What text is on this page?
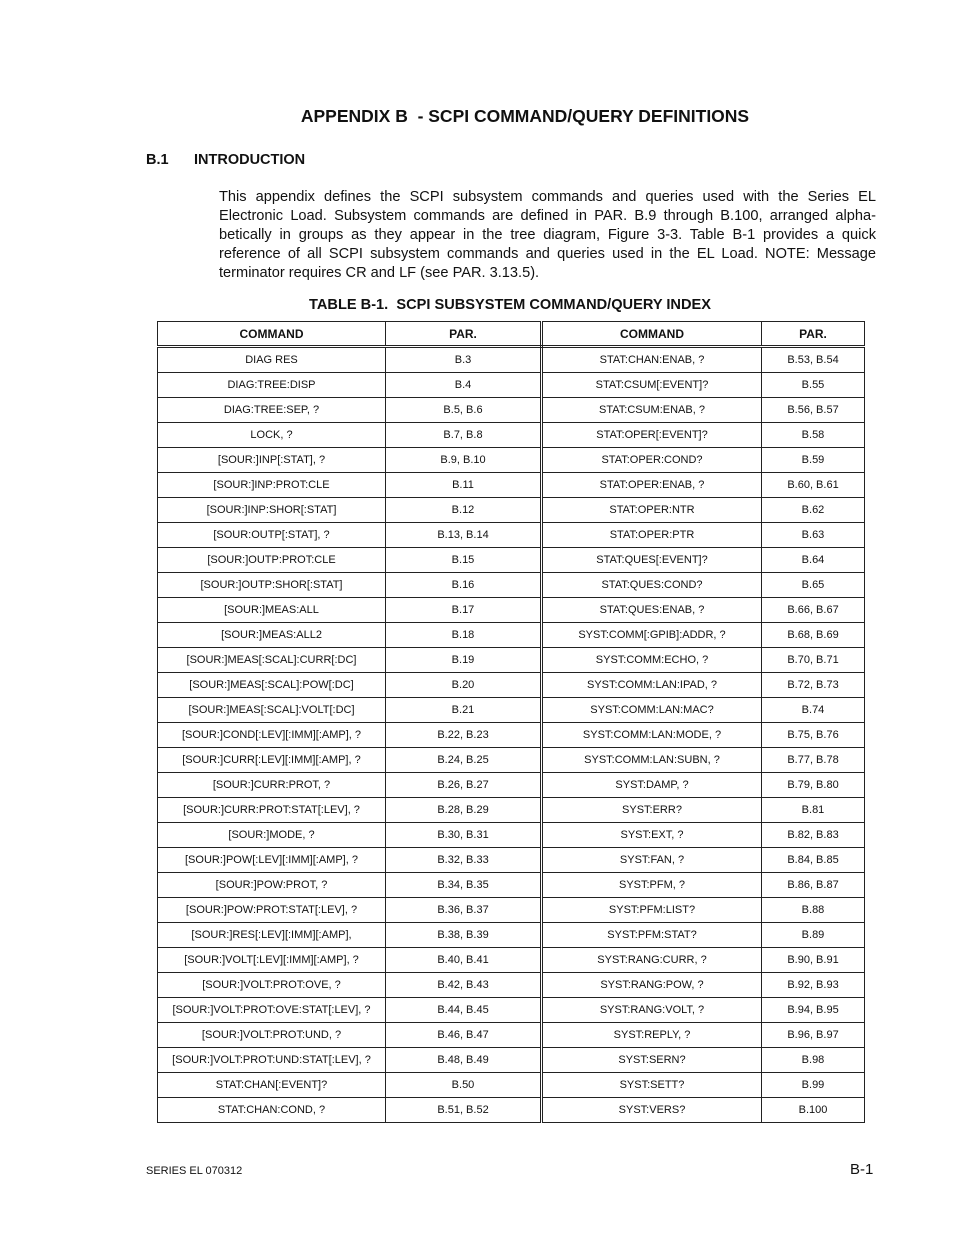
APPENDIX B  - SCPI COMMAND/QUERY DEFINITIONS
B.1 INTRODUCTION

This appendix defines the SCPI subsystem commands and queries used with the Series EL Electronic Load. Subsystem commands are defined in PAR. B.9 through B.100, arranged alphabetically in groups as they appear in the tree diagram, Figure 3-3. Table B-1 provides a quick reference of all SCPI subsystem commands and queries used in the EL Load. NOTE: Message terminator requires CR and LF (see PAR. 3.13.5).

TABLE B-1.  SCPI SUBSYSTEM COMMAND/QUERY INDEX
COMMAND	PAR.	COMMAND	PAR.
DIAG RES	B.3	STAT:CHAN:ENAB, ?	B.53, B.54
DIAG:TREE:DISP	B.4	STAT:CSUM[:EVENT]?	B.55
DIAG:TREE:SEP, ?	B.5, B.6	STAT:CSUM:ENAB, ?	B.56, B.57
LOCK, ?	B.7, B.8	STAT:OPER[:EVENT]?	B.58
[SOUR:]INP[:STAT], ?	B.9, B.10	STAT:OPER:COND?	B.59
[SOUR:]INP:PROT:CLE	B.11	STAT:OPER:ENAB, ?	B.60, B.61
[SOUR:]INP:SHOR[:STAT]	B.12	STAT:OPER:NTR	B.62
[SOUR:OUTP[:STAT], ?	B.13, B.14	STAT:OPER:PTR	B.63
[SOUR:]OUTP:PROT:CLE	B.15	STAT:QUES[:EVENT]?	B.64
[SOUR:]OUTP:SHOR[:STAT]	B.16	STAT:QUES:COND?	B.65
[SOUR:]MEAS:ALL	B.17	STAT:QUES:ENAB, ?	B.66, B.67
[SOUR:]MEAS:ALL2	B.18	SYST:COMM[:GPIB]:ADDR, ?	B.68, B.69
[SOUR:]MEAS[:SCAL]:CURR[:DC]	B.19	SYST:COMM:ECHO, ?	B.70, B.71
[SOUR:]MEAS[:SCAL]:POW[:DC]	B.20	SYST:COMM:LAN:IPAD, ?	B.72, B.73
[SOUR:]MEAS[:SCAL]:VOLT[:DC]	B.21	SYST:COMM:LAN:MAC?	B.74
[SOUR:]COND[:LEV][:IMM][:AMP], ?	B.22, B.23	SYST:COMM:LAN:MODE, ?	B.75, B.76
[SOUR:]CURR[:LEV][:IMM][:AMP], ?	B.24, B.25	SYST:COMM:LAN:SUBN, ?	B.77, B.78
[SOUR:]CURR:PROT, ?	B.26, B.27	SYST:DAMP, ?	B.79, B.80
[SOUR:]CURR:PROT:STAT[:LEV], ?	B.28, B.29	SYST:ERR?	B.81
[SOUR:]MODE, ?	B.30, B.31	SYST:EXT, ?	B.82, B.83
[SOUR:]POW[:LEV][:IMM][:AMP], ?	B.32, B.33	SYST:FAN, ?	B.84, B.85
[SOUR:]POW:PROT, ?	B.34, B.35	SYST:PFM, ?	B.86, B.87
[SOUR:]POW:PROT:STAT[:LEV], ?	B.36, B.37	SYST:PFM:LIST?	B.88
[SOUR:]RES[:LEV][:IMM][:AMP],	B.38, B.39	SYST:PFM:STAT?	B.89
[SOUR:]VOLT[:LEV][:IMM][:AMP], ?	B.40, B.41	SYST:RANG:CURR, ?	B.90, B.91
[SOUR:]VOLT:PROT:OVE, ?	B.42, B.43	SYST:RANG:POW, ?	B.92, B.93
[SOUR:]VOLT:PROT:OVE:STAT[:LEV], ?	B.44, B.45	SYST:RANG:VOLT, ?	B.94, B.95
[SOUR:]VOLT:PROT:UND, ?	B.46, B.47	SYST:REPLY, ?	B.96, B.97
[SOUR:]VOLT:PROT:UND:STAT[:LEV], ?	B.48, B.49	SYST:SERN?	B.98
STAT:CHAN[:EVENT]?	B.50	SYST:SETT?	B.99
STAT:CHAN:COND, ?	B.51, B.52	SYST:VERS?	B.100
SERIES EL 070312	B-1
